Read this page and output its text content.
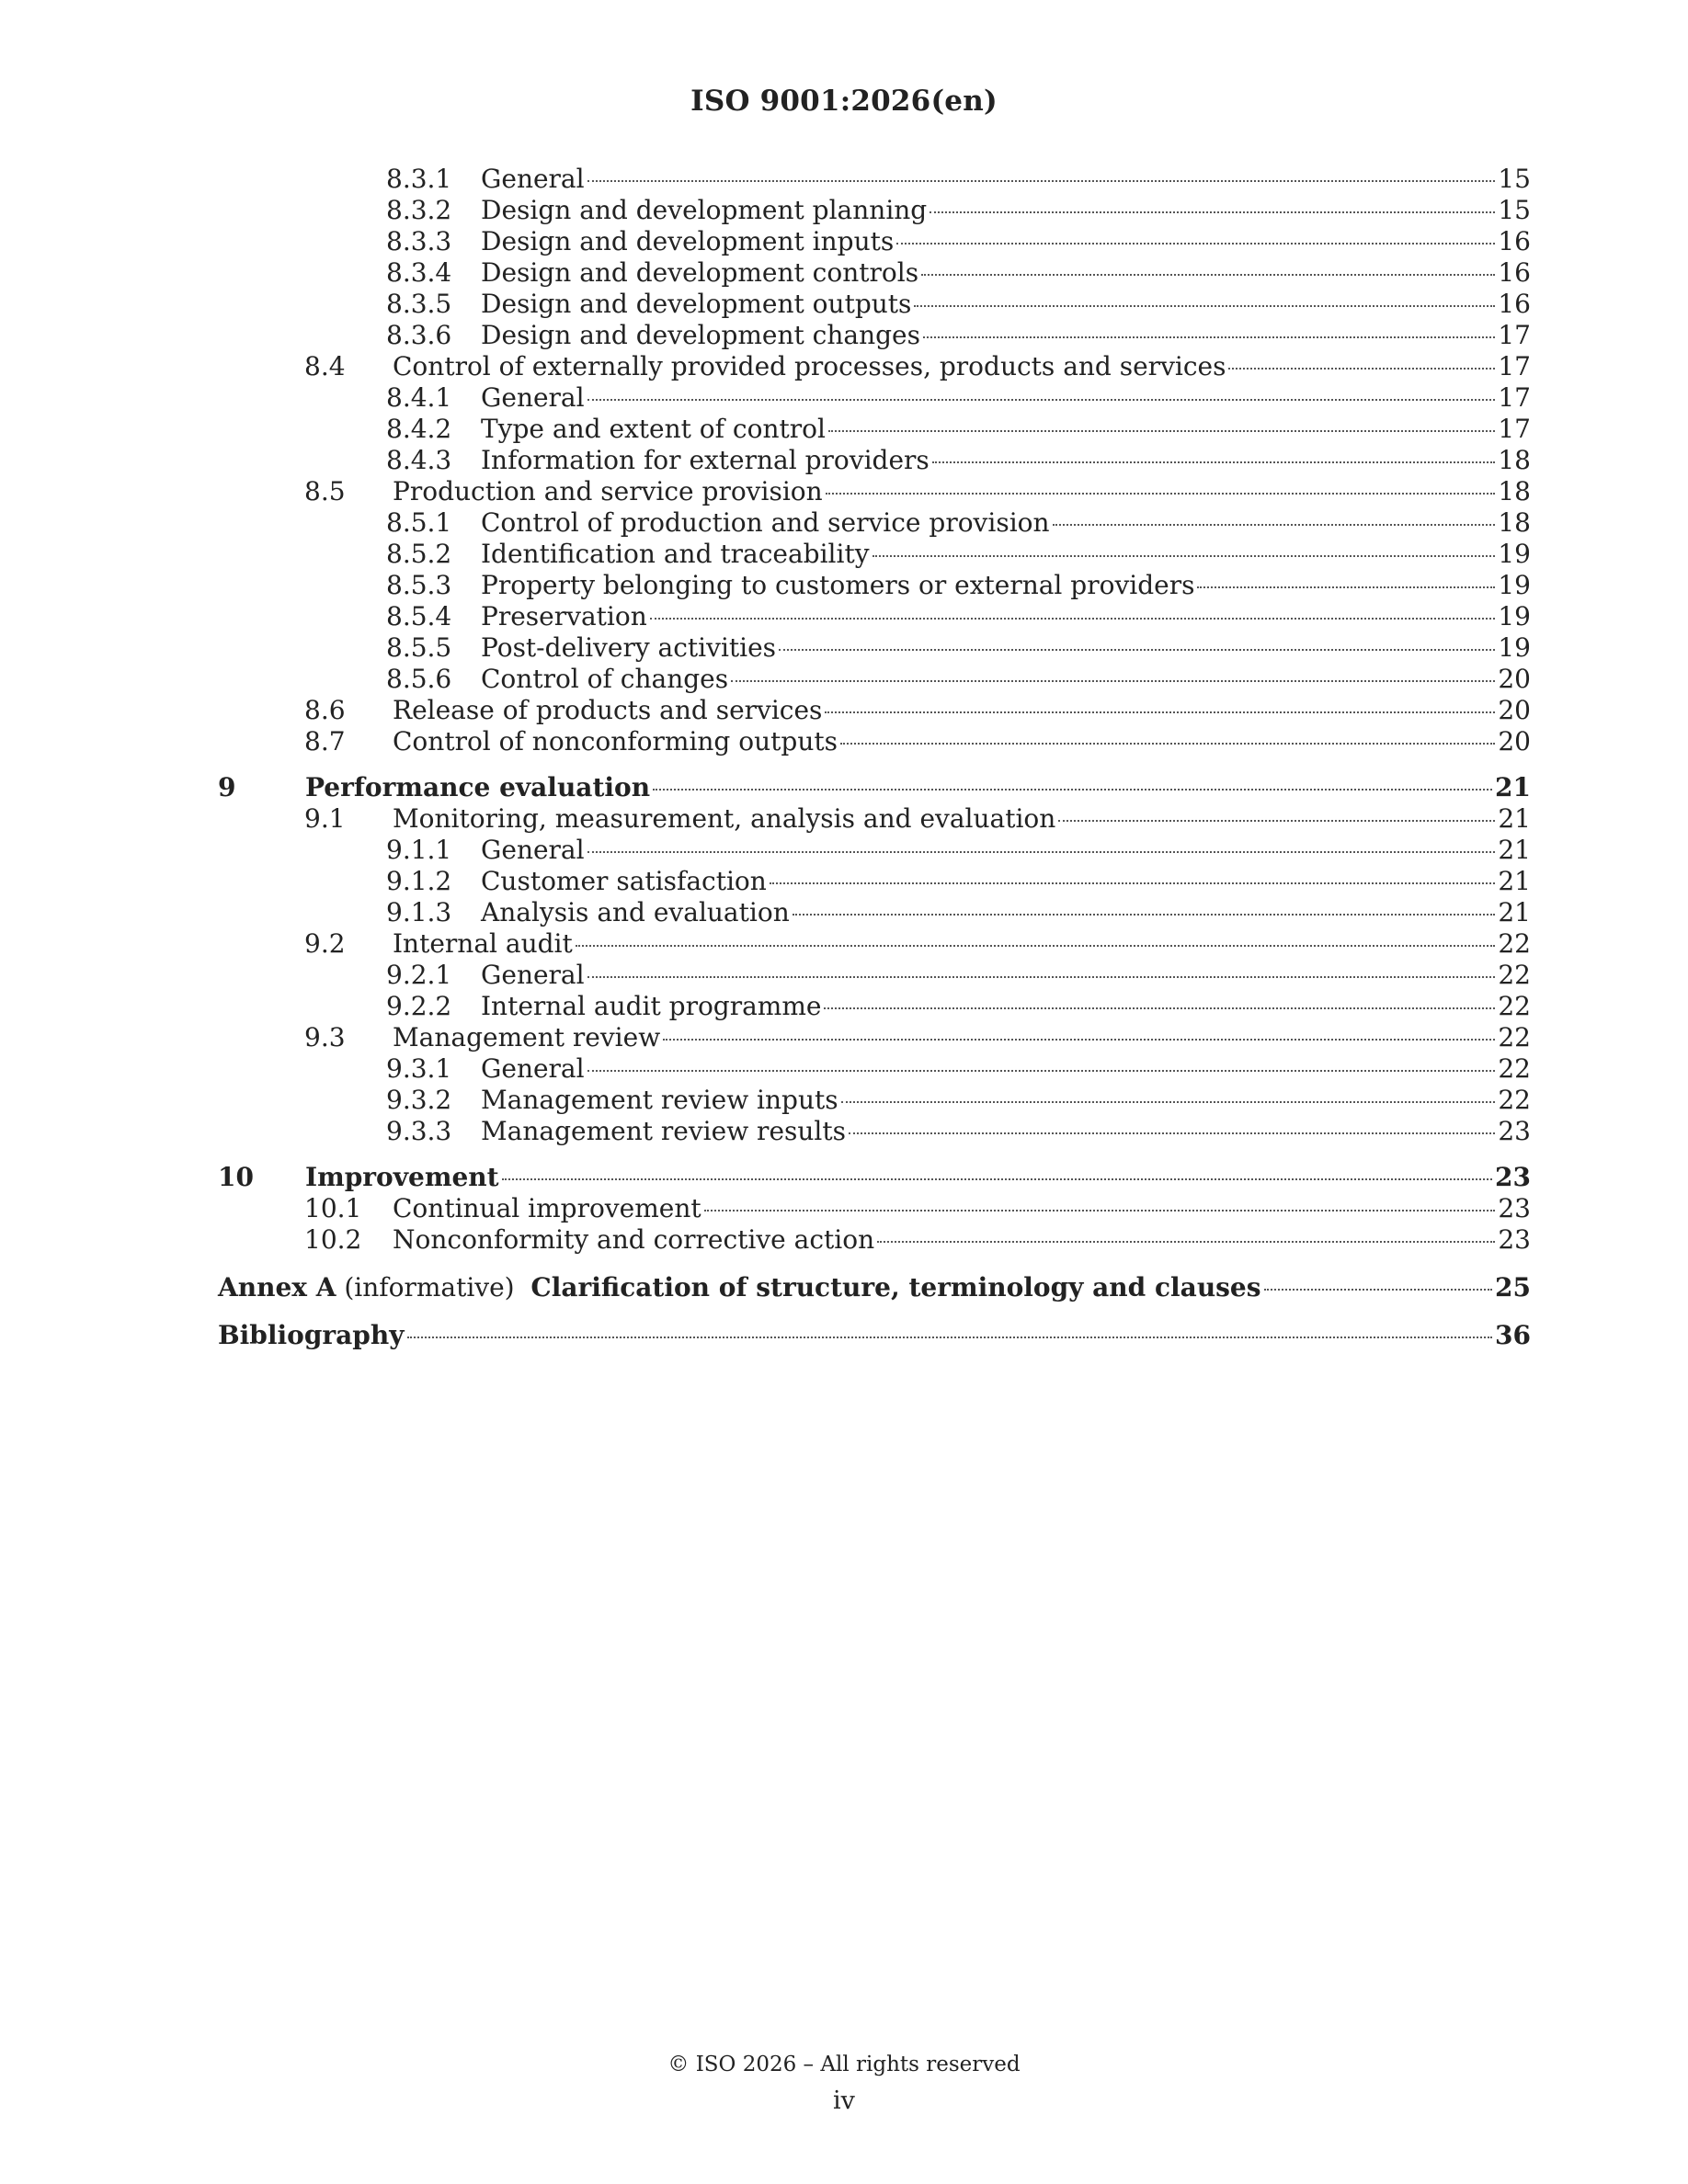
ISO 9001:2026(en)
8.3.1	General	15
8.3.2	Design and development planning	15
8.3.3	Design and development inputs	16
8.3.4	Design and development controls	16
8.3.5	Design and development outputs	16
8.3.6	Design and development changes	17
8.4	Control of externally provided processes, products and services	17
8.4.1	General	17
8.4.2	Type and extent of control	17
8.4.3	Information for external providers	18
8.5	Production and service provision	18
8.5.1	Control of production and service provision	18
8.5.2	Identification and traceability	19
8.5.3	Property belonging to customers or external providers	19
8.5.4	Preservation	19
8.5.5	Post-delivery activities	19
8.5.6	Control of changes	20
8.6	Release of products and services	20
8.7	Control of nonconforming outputs	20
9	Performance evaluation	21
9.1	Monitoring, measurement, analysis and evaluation	21
9.1.1	General	21
9.1.2	Customer satisfaction	21
9.1.3	Analysis and evaluation	21
9.2	Internal audit	22
9.2.1	General	22
9.2.2	Internal audit programme	22
9.3	Management review	22
9.3.1	General	22
9.3.2	Management review inputs	22
9.3.3	Management review results	23
10	Improvement	23
10.1	Continual improvement	23
10.2	Nonconformity and corrective action	23
Annex A (informative) Clarification of structure, terminology and clauses	25
Bibliography	36
© ISO 2026 – All rights reserved
iv
